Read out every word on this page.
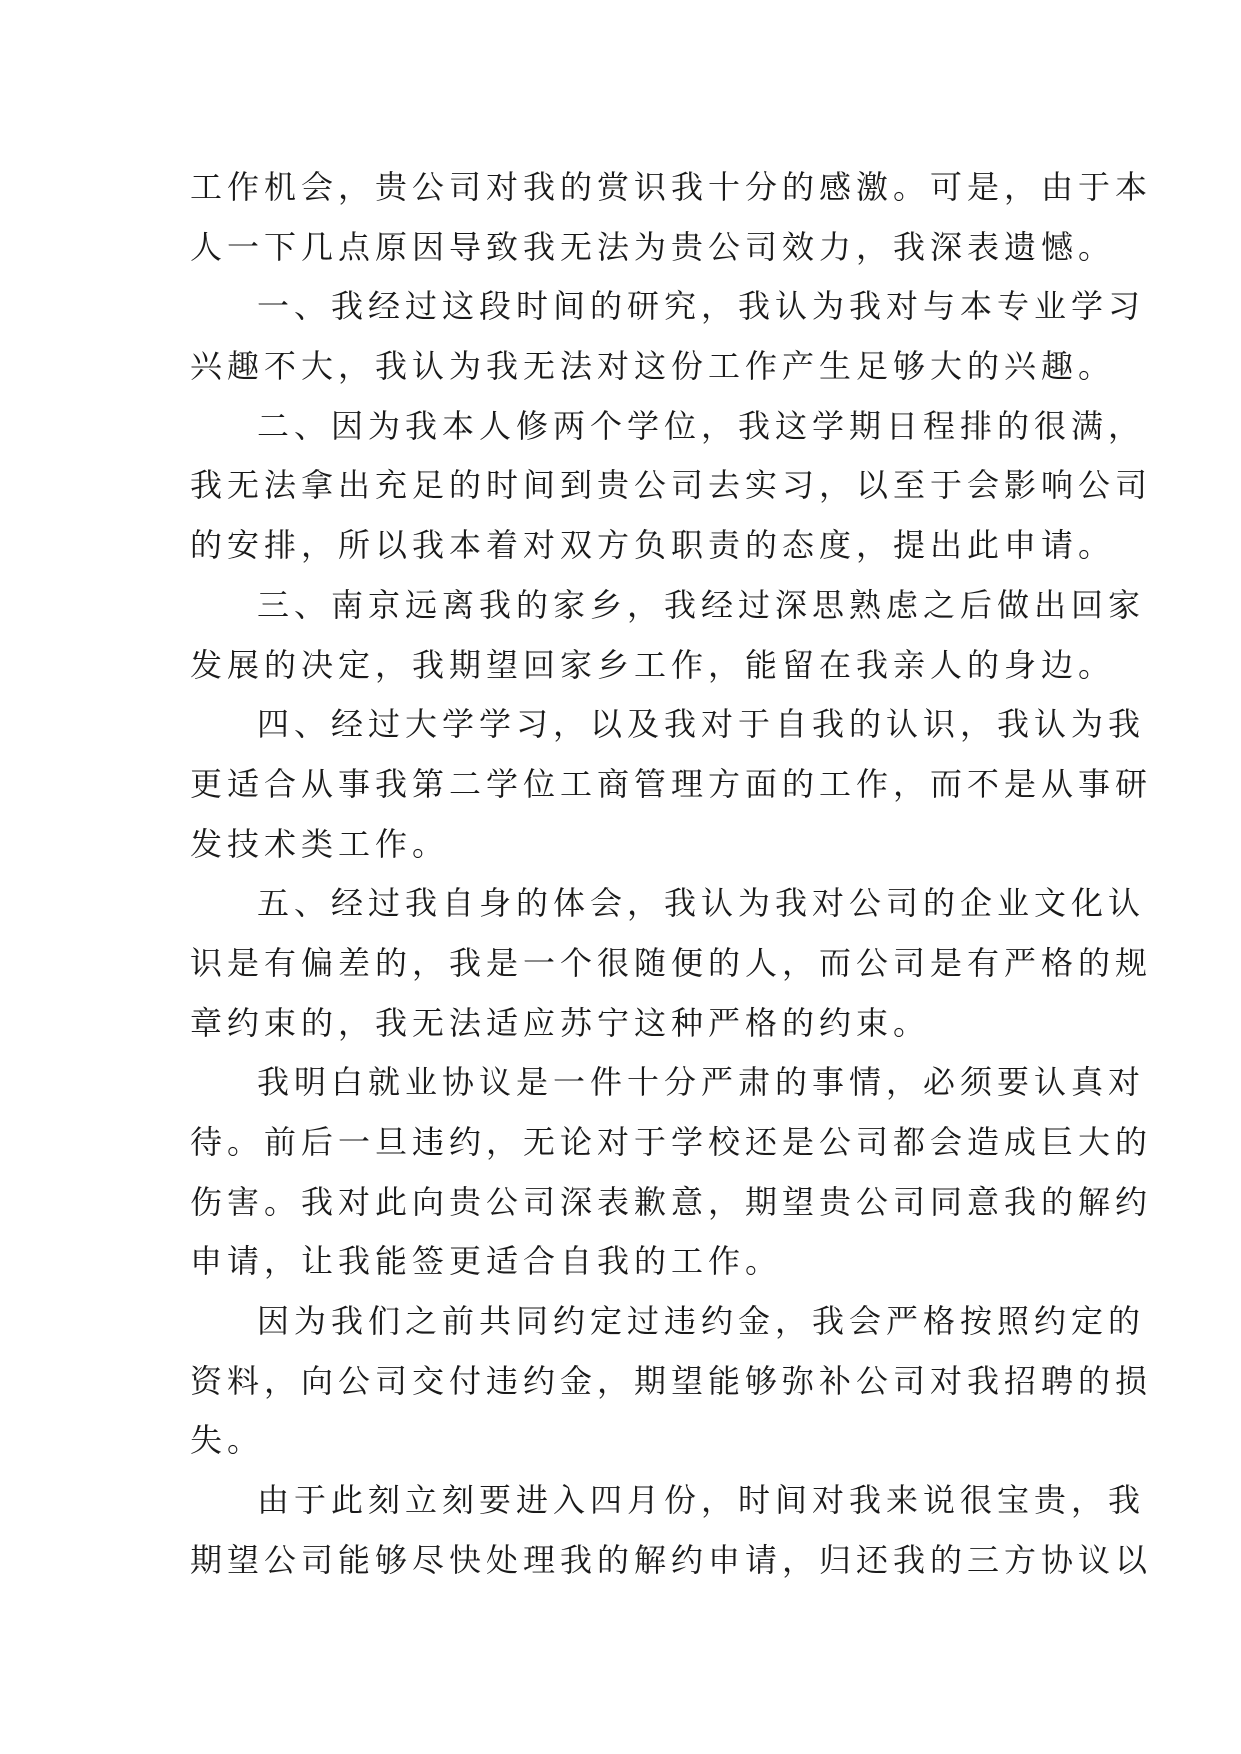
工作机会，贵公司对我的赏识我十分的感激。可是，由于本
人一下几点原因导致我无法为贵公司效力，我深表遗憾。
一、我经过这段时间的研究，我认为我对与本专业学习
兴趣不大，我认为我无法对这份工作产生足够大的兴趣。
二、因为我本人修两个学位，我这学期日程排的很满，
我无法拿出充足的时间到贵公司去实习，以至于会影响公司
的安排，所以我本着对双方负职责的态度，提出此申请。
三、南京远离我的家乡，我经过深思熟虑之后做出回家
发展的决定，我期望回家乡工作，能留在我亲人的身边。
四、经过大学学习，以及我对于自我的认识，我认为我
更适合从事我第二学位工商管理方面的工作，而不是从事研
发技术类工作。
五、经过我自身的体会，我认为我对公司的企业文化认
识是有偏差的，我是一个很随便的人，而公司是有严格的规
章约束的，我无法适应苏宁这种严格的约束。
我明白就业协议是一件十分严肃的事情，必须要认真对
待。前后一旦违约，无论对于学校还是公司都会造成巨大的
伤害。我对此向贵公司深表歉意，期望贵公司同意我的解约
申请，让我能签更适合自我的工作。
因为我们之前共同约定过违约金，我会严格按照约定的
资料，向公司交付违约金，期望能够弥补公司对我招聘的损
失。
由于此刻立刻要进入四月份，时间对我来说很宝贵，我
期望公司能够尽快处理我的解约申请，归还我的三方协议以
